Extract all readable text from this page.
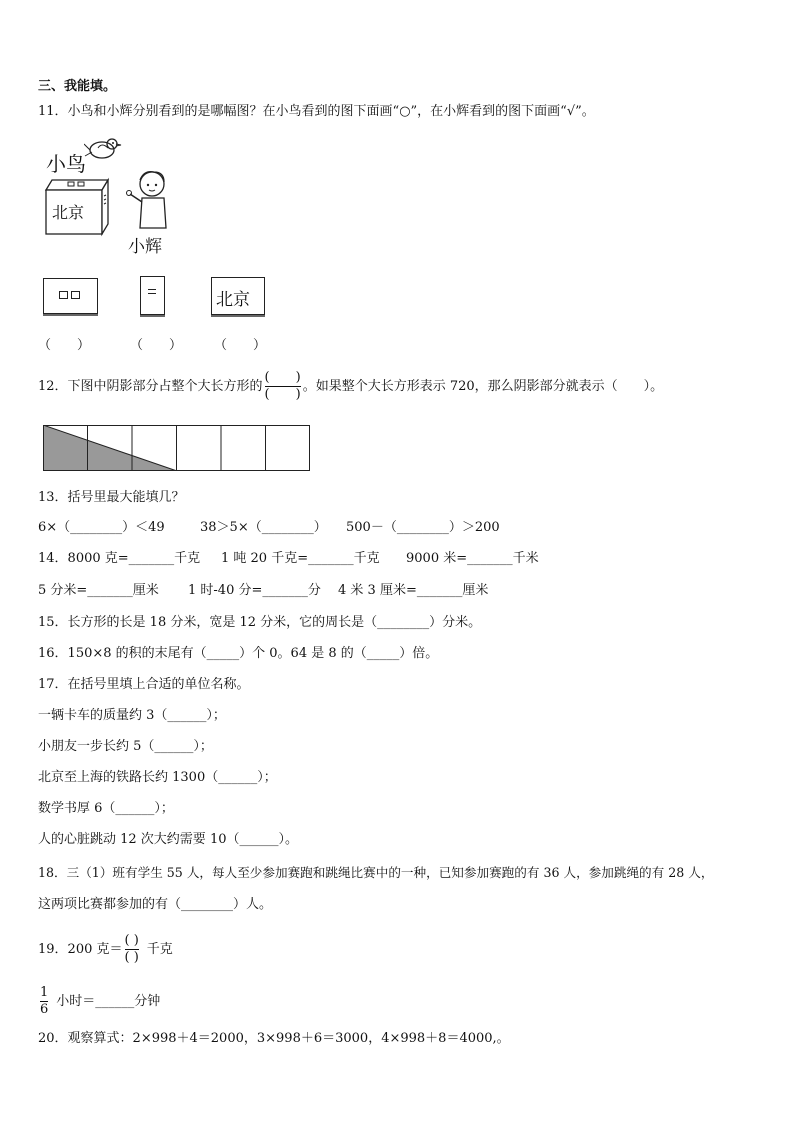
三、我能填。
11．小鸟和小辉分别看到的是哪幅图？在小鸟看到的图下面画“○”，在小辉看到的图下面画“√”。
小鸟
北京
小辉
北京
（　　）	（　　） （　　）
12．下图中阴影部分占整个大长方形的 $\frac{( )}{( )}$ 。如果整个大长方形表示 720，那么阴影部分就表示（　　）。
13．括号里最大能填几？
6×（________）＜49	38＞5×（________） 500－（________）＞200
14．8000 克=_______千克 1 吨 20 千克=_______千克 9000 米=_______千米
5 分米=_______厘米 1 时-40 分=_______分 4 米 3 厘米=_______厘米
15．长方形的长是 18 分米，宽是 12 分米，它的周长是（________）分米。
16．150×8 的积的末尾有（_____）个 0。64 是 8 的（_____）倍。
17．在括号里填上合适的单位名称。
一辆卡车的质量约 3（______）；
小朋友一步长约 5（______）；
北京至上海的铁路长约 1300（______）；
数学书厚 6（______）；
人的心脏跳动 12 次大约需要 10（______）。
18．三（1）班有学生 55 人，每人至少参加赛跑和跳绳比赛中的一种，已知参加赛跑的有 36 人，参加跳绳的有 28 人，
这两项比赛都参加的有（________）人。
19．200 克＝ $\frac{( )}{( )}$ 千克
$\frac{1}{6}$ 小时＝______分钟
20．观察算式：2×998＋4＝2000，3×998＋6＝3000，4×998＋8＝4000,。
